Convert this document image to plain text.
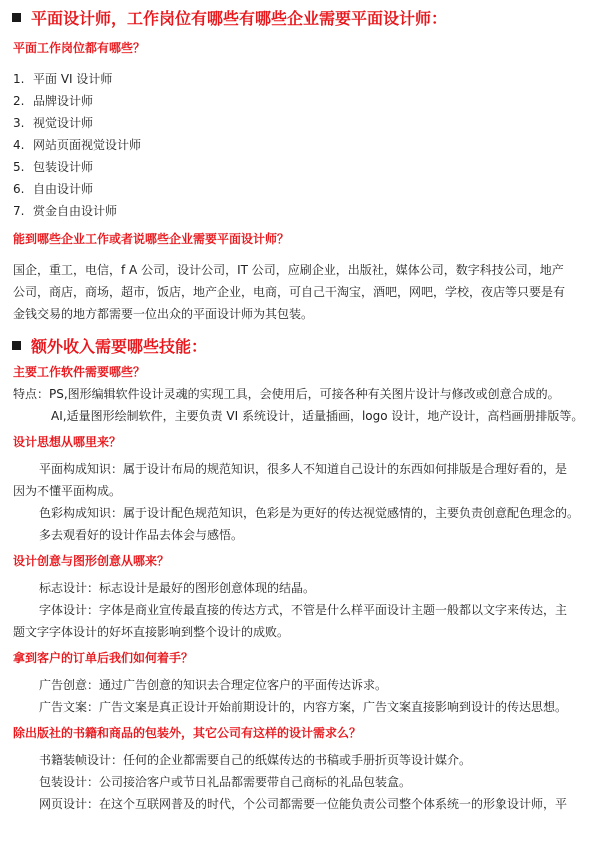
平面设计师，工作岗位有哪些有哪些企业需要平面设计师：

平面工作岗位都有哪些？

1. 平面 VI 设计师
2. 品牌设计师
3. 视觉设计师
4. 网站页面视觉设计师
5. 包装设计师
6. 自由设计师
7. 赏金自由设计师

能到哪些企业工作或者说哪些企业需要平面设计师？

国企，重工，电信，f A 公司，设计公司，IT 公司，应刷企业，出版社，媒体公司，数字科技公司，地产

公司，商店，商场，超市，饭店，地产企业，电商，可自己干淘宝，酒吧，网吧，学校，夜店等只要是有

金钱交易的地方都需要一位出众的平面设计师为其包装。

额外收入需要哪些技能：

主要工作软件需要哪些？

特点：PS,图形编辑软件设计灵魂的实现工具，会使用后，可接各种有关图片设计与修改或创意合成的。

AI,适量图形绘制软件，主要负责 VI 系统设计，适量插画，logo 设计，地产设计，高档画册排版等。

设计思想从哪里来？

平面构成知识：属于设计布局的规范知识，很多人不知道自己设计的东西如何排版是合理好看的，是

因为不懂平面构成。

色彩构成知识：属于设计配色规范知识，色彩是为更好的传达视觉感情的，主要负责创意配色理念的。

多去观看好的设计作品去体会与感悟。

设计创意与图形创意从哪来？

标志设计：标志设计是最好的图形创意体现的结晶。

字体设计：字体是商业宣传最直接的传达方式，不管是什么样平面设计主题一般都以文字来传达，主

题文字字体设计的好坏直接影响到整个设计的成败。

拿到客户的订单后我们如何着手？

广告创意：通过广告创意的知识去合理定位客户的平面传达诉求。

广告文案：广告文案是真正设计开始前期设计的，内容方案，广告文案直接影响到设计的传达思想。

除出版社的书籍和商品的包装外，其它公司有这样的设计需求么？

书籍装帧设计：任何的企业都需要自己的纸媒传达的书稿或手册折页等设计媒介。

包装设计：公司接洽客户或节日礼品都需要带自己商标的礼品包装盒。

网页设计：在这个互联网普及的时代，个公司都需要一位能负责公司整个体系统一的形象设计师，平
